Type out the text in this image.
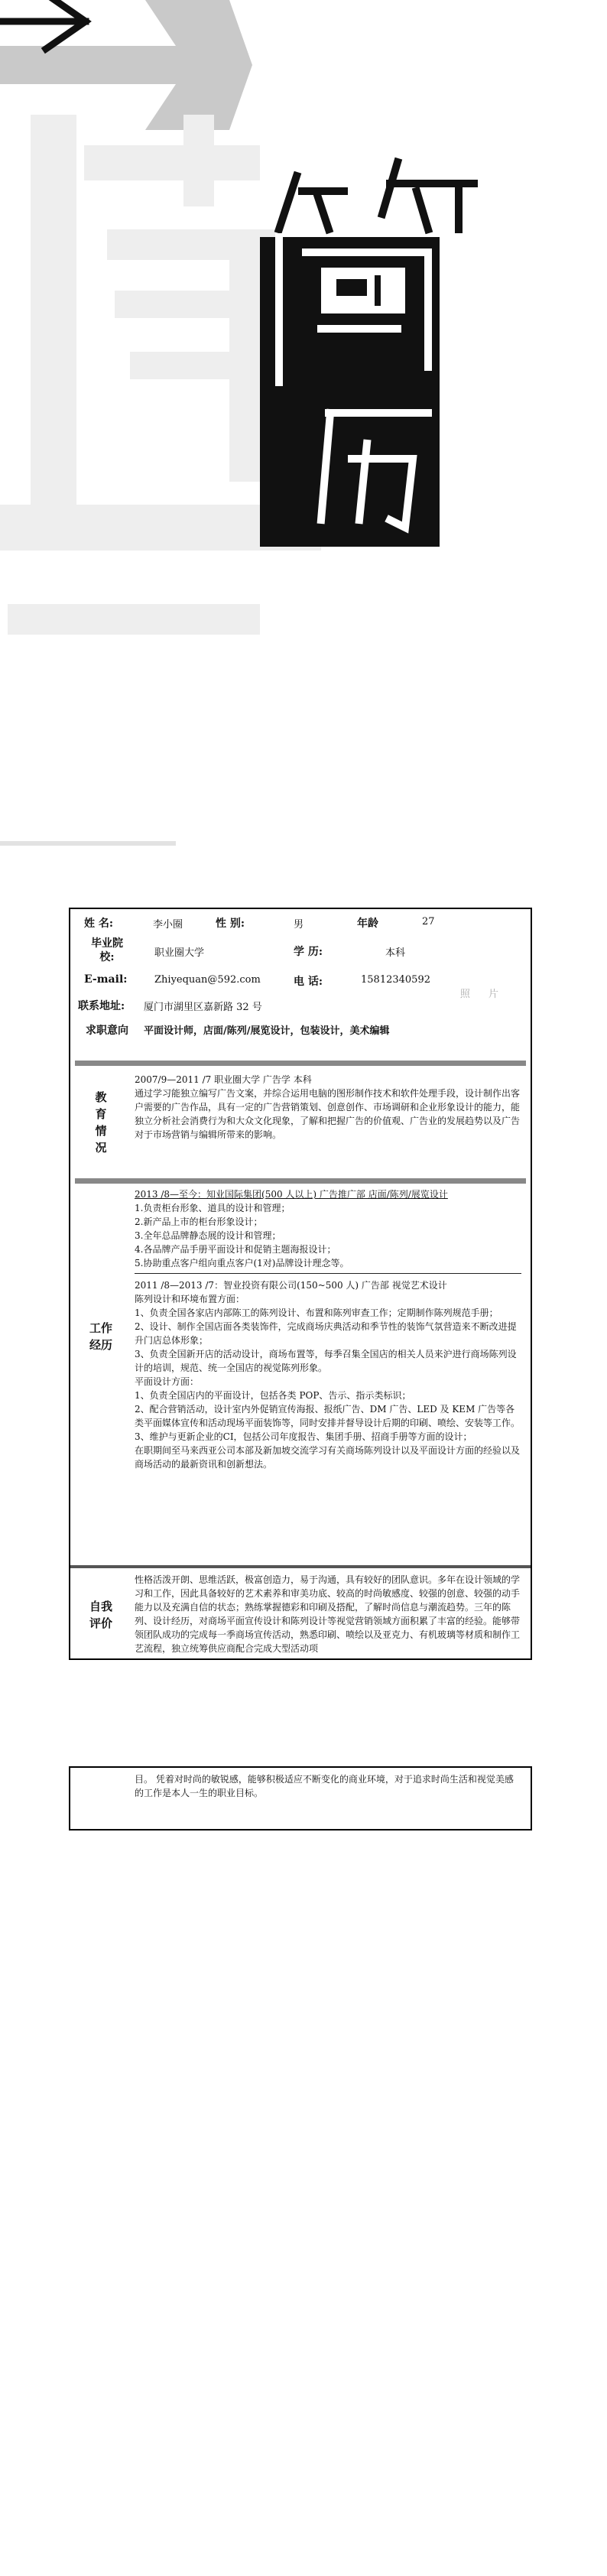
姓 名:	李小圈	性 别:	男	年龄	27
毕业院校:	职业圈大学	学 历:	本科
E-mail:	Zhiyequan@592.com	电 话:	15812340592
照 片
联系地址: 厦门市湖里区嘉新路 32 号
求职意向 平面设计师，店面/陈列/展览设计，包装设计，美术编辑
教育情况

2007/9—2011 /7 职业圈大学 广告学 本科

通过学习能独立编写广告文案，并综合运用电脑的图形制作技术和软件处理手段，设计制作出客户需要的广告作品，具有一定的广告营销策划、创意创作、市场调研和企业形象设计的能力，能独立分析社会消费行为和大众文化现象，了解和把握广告的价值观、广告业的发展趋势以及广告对于市场营销与编辑所带来的影响。

工作经历

2013 /8—至今：知业国际集团(500 人以上) 广告推广部 店面/陈列/展览设计

1.负责柜台形象、道具的设计和管理；

2.新产品上市的柜台形象设计；

3.全年总品牌静态展的设计和管理；

4.各品牌产品手册平面设计和促销主题海报设计；

5.协助重点客户组向重点客户(1对)品牌设计理念等。

2011 /8—2013 /7：智业投资有限公司(150~500 人) 广告部 视觉艺术设计

陈列设计和环境布置方面：

1、负责全国各家店内部陈工的陈列设计、布置和陈列审查工作；定期制作陈列规范手册；

2、设计、制作全国店面各类装饰件，完成商场庆典活动和季节性的装饰气氛营造来不断改进提升门店总体形象；

3、负责全国新开店的活动设计，商场布置等，每季召集全国店的相关人员来沪进行商场陈列设计的培训，规范、统一全国店的视觉陈列形象。

平面设计方面：

1、负责全国店内的平面设计，包括各类 POP、告示、指示类标识；

2、配合营销活动，设计室内外促销宣传海报、报纸广告、DM 广告、LED 及 KEM 广告等各类平面媒体宣传和活动现场平面装饰等，同时安排并督导设计后期的印刷、喷绘、安装等工作。

3、维护与更新企业的CI，包括公司年度报告、集团手册、招商手册等方面的设计；

在职期间至马来西亚公司本部及新加坡交流学习有关商场陈列设计以及平面设计方面的经验以及商场活动的最新资讯和创新想法。

自我评价

性格活泼开朗、思维活跃，极富创造力，易于沟通，具有较好的团队意识。多年在设计领域的学习和工作，因此具备较好的艺术素养和审美功底、较高的时尚敏感度、较强的创意、较强的动手能力以及充满自信的状态；熟练掌握德彩和印刷及搭配，了解时尚信息与潮流趋势。三年的陈列、设计经历，对商场平面宣传设计和陈列设计等视觉营销领域方面积累了丰富的经验。能够带领团队成功的完成每一季商场宣传活动，熟悉印刷、喷绘以及亚克力、有机玻璃等材质和制作工艺流程，独立统筹供应商配合完成大型活动项

目。 凭着对时尚的敏锐感，能够积极适应不断变化的商业环境，对于追求时尚生活和视觉美感的工作是本人一生的职业目标。
